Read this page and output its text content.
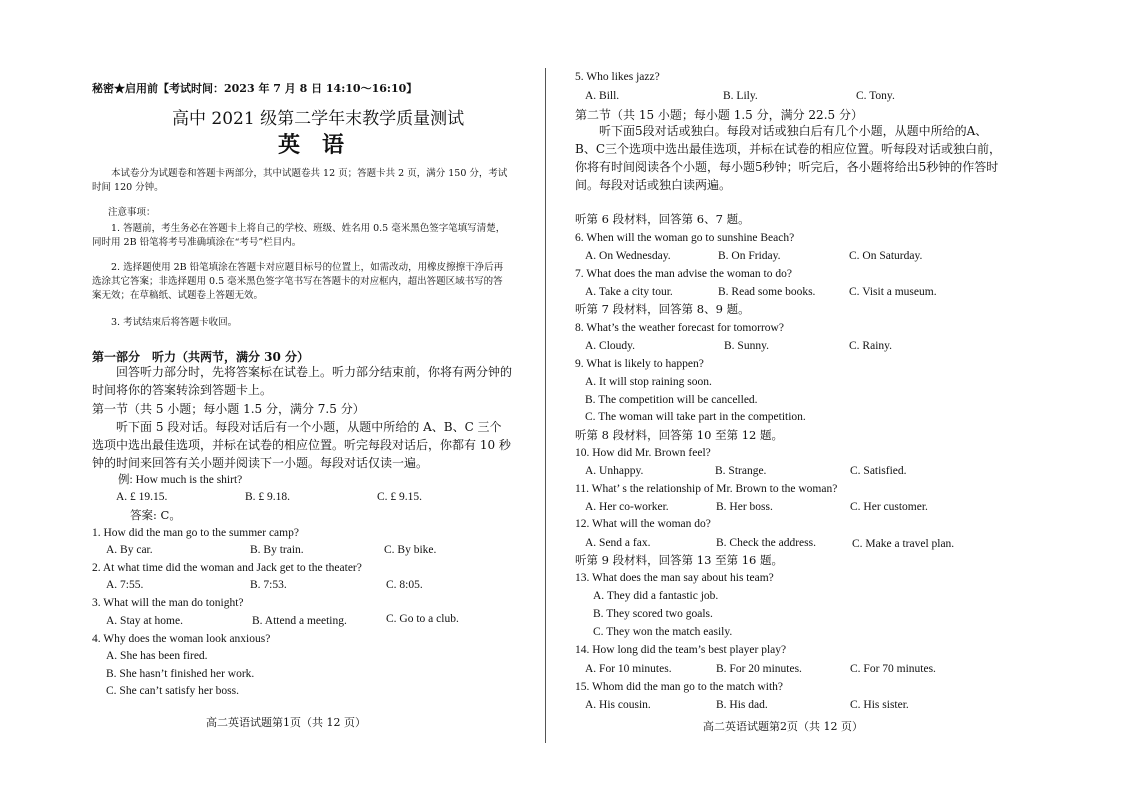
秘密★启用前【考试时间：2023 年 7 月 8 日 14:10～16:10】
高中 2021 级第二学年末教学质量测试
英语
本试卷分为试题卷和答题卡两部分，其中试题卷共 12 页；答题卡共 2 页，满分 150 分，考试时间 120 分钟。
注意事项：
1. 答题前，考生务必在答题卡上将自己的学校、班级、姓名用 0.5 毫米黑色签字笔填写清楚，同时用 2B 铅笔将考号准确填涂在“考号”栏目内。
2. 选择题使用 2B 铅笔填涂在答题卡对应题目标号的位置上，如需改动，用橡皮擦擦干净后再选涂其它答案；非选择题用 0.5 毫米黑色签字笔书写在答题卡的对应框内，超出答题区域书写的答案无效；在草稿纸、试题卷上答题无效。
3. 考试结束后将答题卡收回。
第一部分　听力（共两节，满分 30 分）
回答听力部分时，先将答案标在试卷上。听力部分结束前，你将有两分钟的时间将你的答案转涂到答题卡上。
第一节（共 5 小题；每小题 1.5 分，满分 7.5 分）
听下面 5 段对话。每段对话后有一个小题，从题中所给的 A、B、C 三个选项中选出最佳选项，并标在试卷的相应位置。听完每段对话后，你都有 10 秒钟的时间来回答有关小题并阅读下一小题。每段对话仅读一遍。
例: How much is the shirt?
A. £ 19.15.	B. £ 9.18.	C. £ 9.15.
答案: C。
1. How did the man go to the summer camp?
A. By car.	B. By train.	C. By bike.
2. At what time did the woman and Jack get to the theater?
A. 7:55.	B. 7:53.	C. 8:05.
3. What will the man do tonight?
A. Stay at home.	B. Attend a meeting.	C. Go to a club.
4. Why does the woman look anxious?
A. She has been fired.
B. She hasn’t finished her work.
C. She can’t satisfy her boss.
高二英语试题第1页（共 12 页）
5. Who likes jazz?
A. Bill.	B. Lily.	C. Tony.
第二节（共 15 小题；每小题 1.5 分，满分 22.5 分）
听下面5段对话或独白。每段对话或独白后有几个小题，从题中所给的A、B、C三个选项中选出最佳选项，并标在试卷的相应位置。听每段对话或独白前，你将有时间阅读各个小题，每小题5秒钟；听完后，各小题将给出5秒钟的作答时间。每段对话或独白读两遍。
听第 6 段材料，回答第 6、7 题。
6. When will the woman go to sunshine Beach?
A. On Wednesday.	B. On Friday.	C. On Saturday.
7. What does the man advise the woman to do?
A. Take a city tour.	B. Read some books.	C. Visit a museum.
听第 7 段材料，回答第 8、9 题。
8. What’s the weather forecast for tomorrow?
A. Cloudy.	B. Sunny.	C. Rainy.
9. What is likely to happen?
A. It will stop raining soon.
B. The competition will be cancelled.
C. The woman will take part in the competition.
听第 8 段材料，回答第 10 至第 12 题。
10. How did Mr. Brown feel?
A. Unhappy.	B. Strange.	C. Satisfied.
11. What’ s the relationship of Mr. Brown to the woman?
A. Her co-worker.	B. Her boss.	C. Her customer.
12. What will the woman do?
A. Send a fax.	B. Check the address.	C. Make a travel plan.
听第 9 段材料，回答第 13 至第 16 题。
13. What does the man say about his team?
A. They did a fantastic job.
B. They scored two goals.
C. They won the match easily.
14. How long did the team’s best player play?
A. For 10 minutes.	B. For 20 minutes.	C. For 70 minutes.
15. Whom did the man go to the match with?
A. His cousin.	B. His dad.	C. His sister.
高二英语试题第2页（共 12 页）
